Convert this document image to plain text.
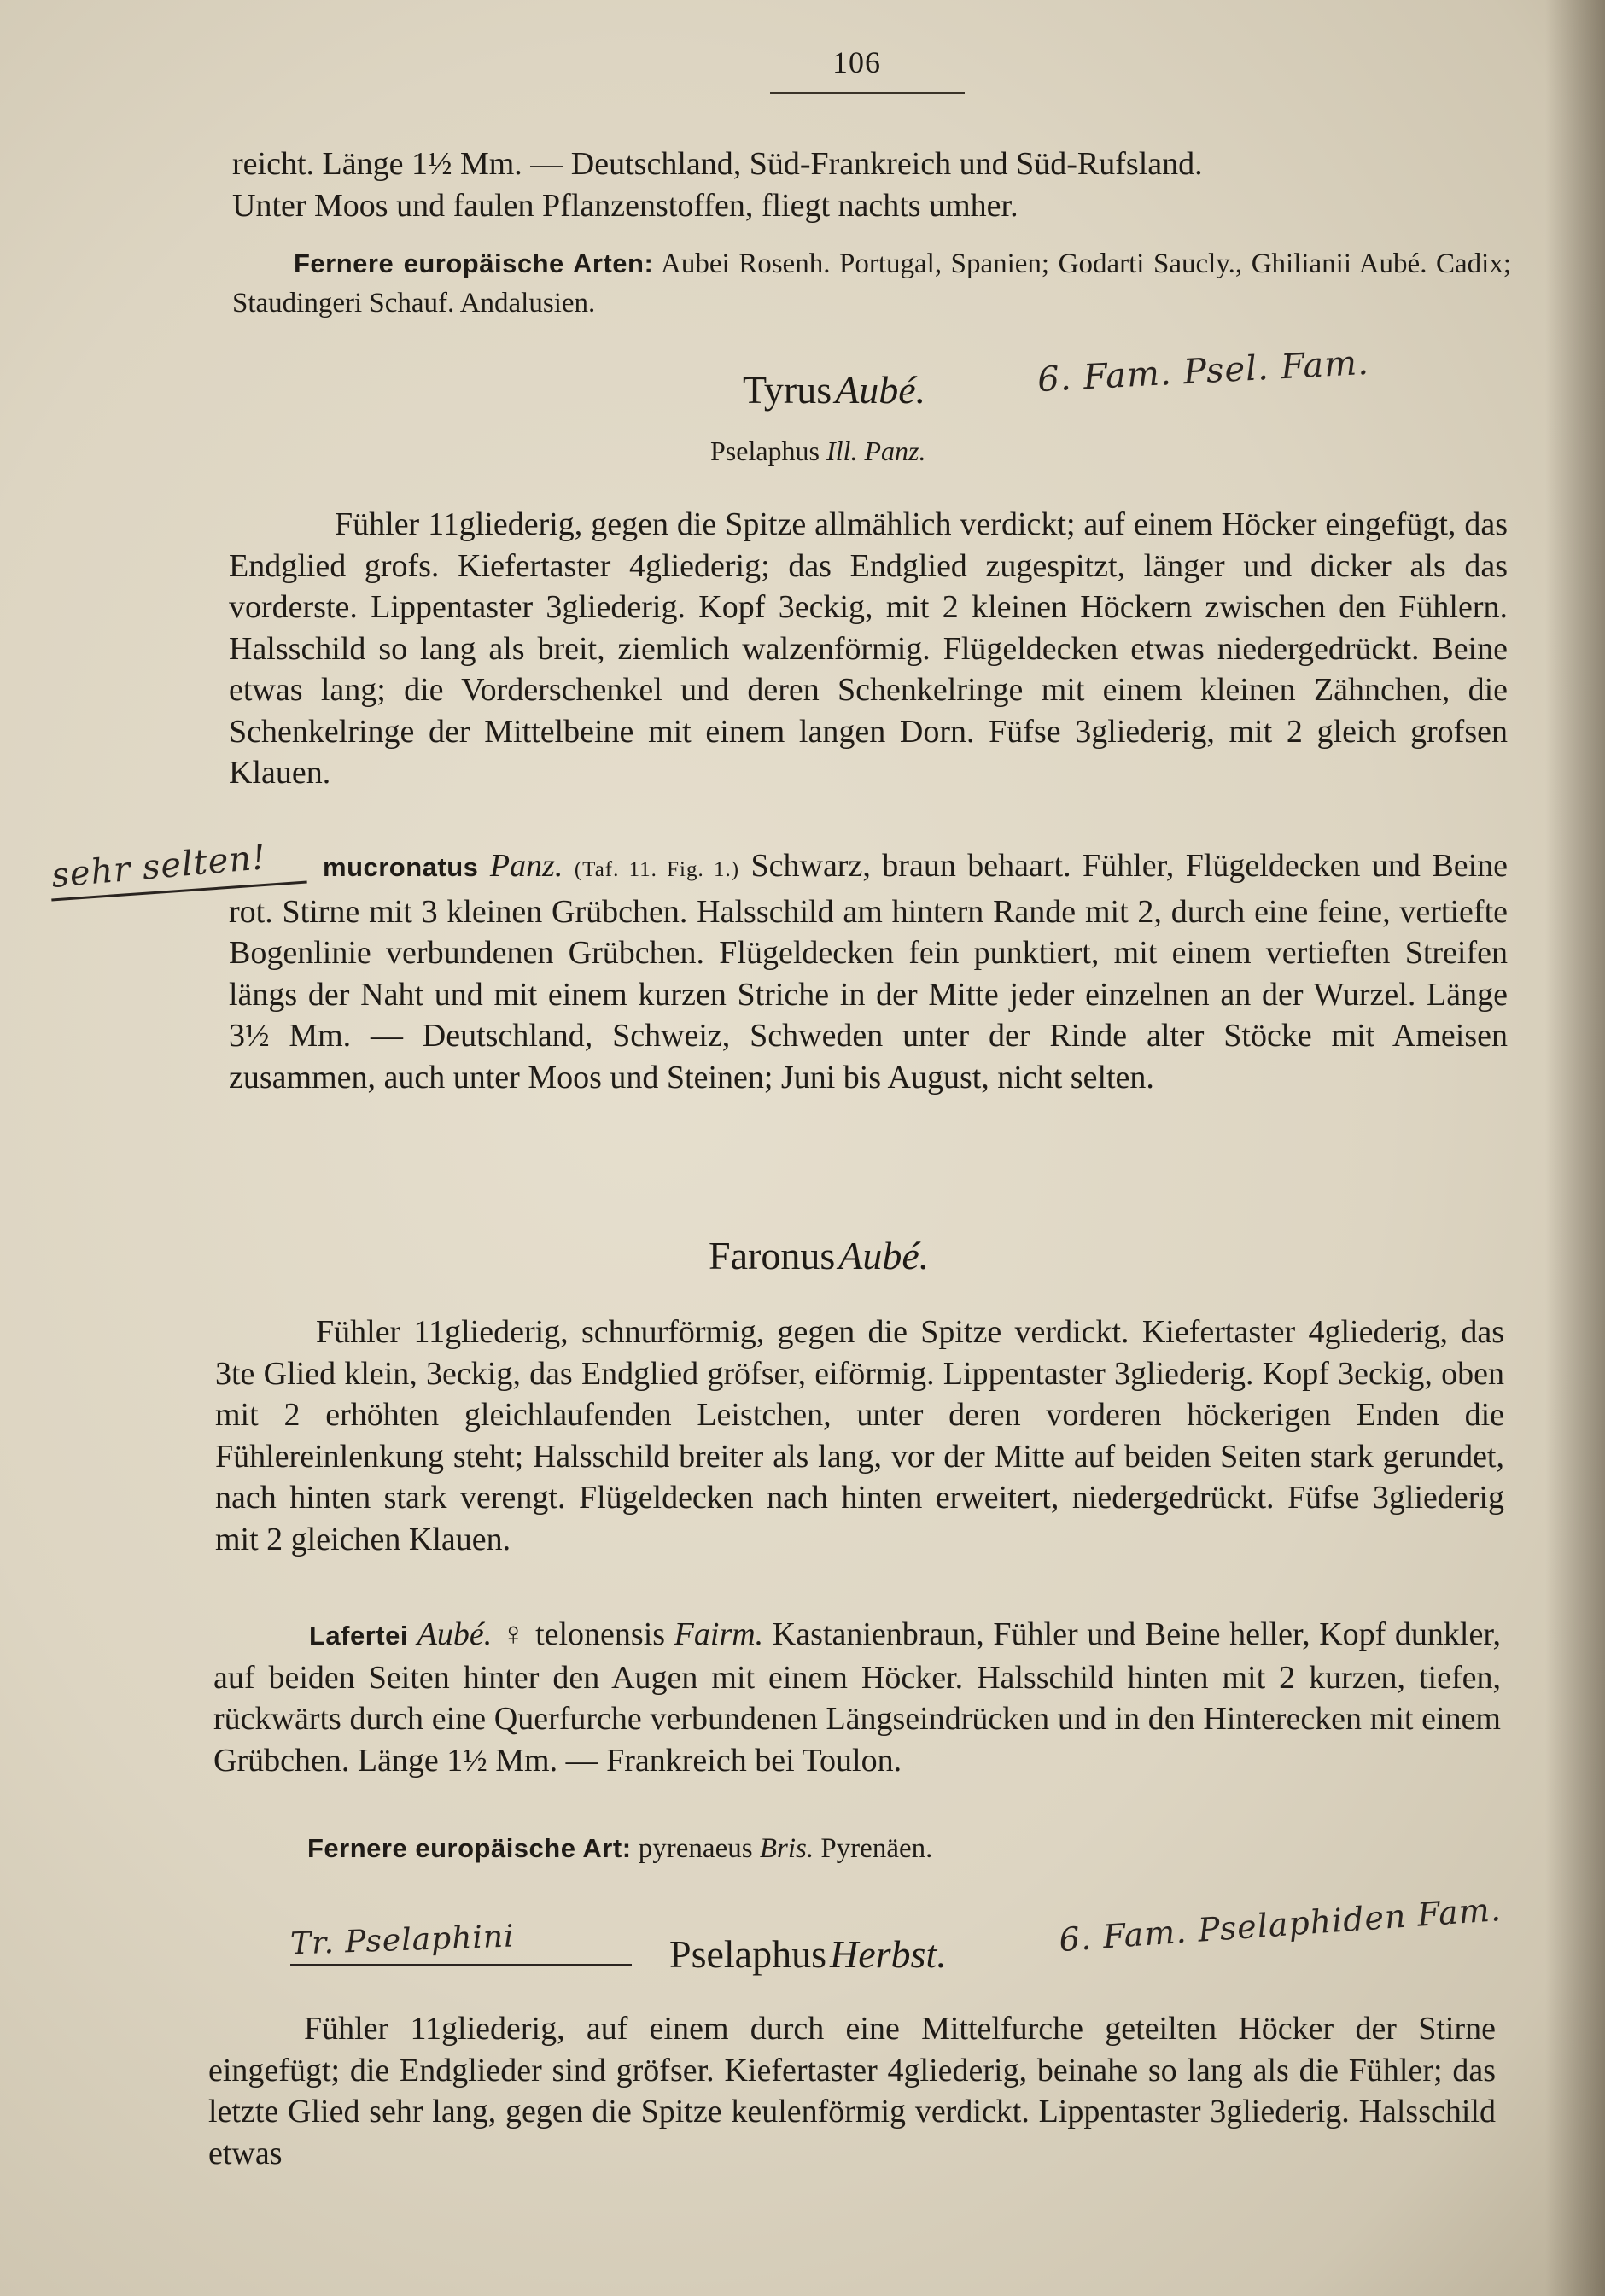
106

reicht. Länge 1½ Mm. — Deutschland, Süd-Frankreich und Süd-Rufsland.

Unter Moos und faulen Pflanzenstoffen, fliegt nachts umher.

Fernere europäische Arten: Aubei Rosenh. Portugal, Spanien; Godarti Saucly., Ghilianii Aubé. Cadix; Staudingeri Schauf. Andalusien.
Tyrus Aubé.	6. Fam. Psel. Fam.
Pselaphus Ill. Panz.
Fühler 11gliederig, gegen die Spitze allmählich verdickt; auf einem Höcker eingefügt, das Endglied grofs. Kiefertaster 4gliederig; das Endglied zugespitzt, länger und dicker als das vorderste. Lippentaster 3gliederig. Kopf 3eckig, mit 2 kleinen Höckern zwischen den Fühlern. Halsschild so lang als breit, ziemlich walzenförmig. Flügeldecken etwas niedergedrückt. Beine etwas lang; die Vorderschenkel und deren Schenkelringe mit einem kleinen Zähnchen, die Schenkelringe der Mittelbeine mit einem langen Dorn. Füfse 3gliederig, mit 2 gleich grofsen Klauen.
sehr selten!	mucronatus Panz. (Taf. 11. Fig. 1.) Schwarz, braun behaart. Fühler, Flügeldecken und Beine rot. Stirne mit 3 kleinen Grübchen. Halsschild am hintern Rande mit 2, durch eine feine, vertiefte Bogenlinie verbundenen Grübchen. Flügeldecken fein punktiert, mit einem vertieften Streifen längs der Naht und mit einem kurzen Striche in der Mitte jeder einzelnen an der Wurzel. Länge 3½ Mm. — Deutschland, Schweiz, Schweden unter der Rinde alter Stöcke mit Ameisen zusammen, auch unter Moos und Steinen; Juni bis August, nicht selten.
Faronus Aubé.
Fühler 11gliederig, schnurförmig, gegen die Spitze verdickt. Kiefertaster 4gliederig, das 3te Glied klein, 3eckig, das Endglied gröfser, eiförmig. Lippentaster 3gliederig. Kopf 3eckig, oben mit 2 erhöhten gleichlaufenden Leistchen, unter deren vorderen höckerigen Enden die Fühlereinlenkung steht; Halsschild breiter als lang, vor der Mitte auf beiden Seiten stark gerundet, nach hinten stark verengt. Flügeldecken nach hinten erweitert, niedergedrückt. Füfse 3gliederig mit 2 gleichen Klauen.
Lafertei Aubé. ♀ telonensis Fairm. Kastanienbraun, Fühler und Beine heller, Kopf dunkler, auf beiden Seiten hinter den Augen mit einem Höcker. Halsschild hinten mit 2 kurzen, tiefen, rückwärts durch eine Querfurche verbundenen Längseindrücken und in den Hinterecken mit einem Grübchen. Länge 1½ Mm. — Frankreich bei Toulon.
Fernere europäische Art: pyrenaeus Bris. Pyrenäen.
Tr. Pselaphini	Pselaphus Herbst.	6. Fam. Pselaphiden Fam.
Fühler 11gliederig, auf einem durch eine Mittelfurche geteilten Höcker der Stirne eingefügt; die Endglieder sind gröfser. Kiefertaster 4gliederig, beinahe so lang als die Fühler; das letzte Glied sehr lang, gegen die Spitze keulenförmig verdickt. Lippentaster 3gliederig. Halsschild etwas
